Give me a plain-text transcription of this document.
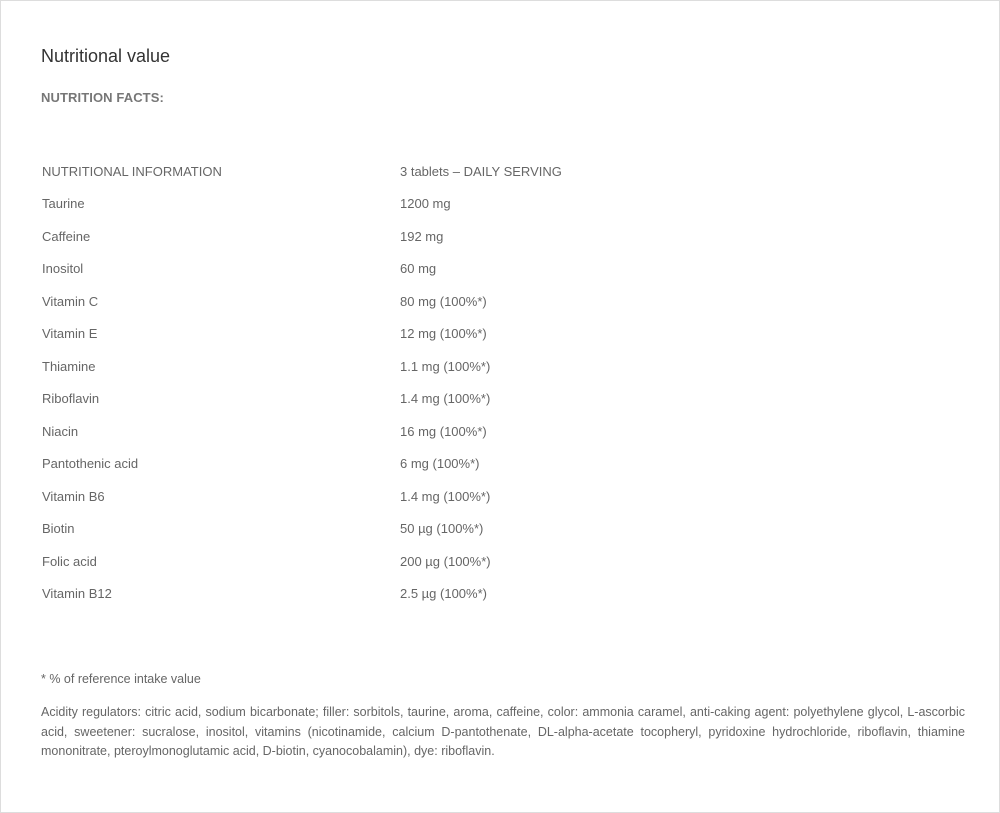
Nutritional value
NUTRITION FACTS:
NUTRITIONAL INFORMATION	3 tablets – DAILY SERVING
Taurine	1200 mg
Caffeine	192 mg
Inositol	60 mg
Vitamin C	80 mg (100%*)
Vitamin E	12 mg (100%*)
Thiamine	1.1 mg (100%*)
Riboflavin	1.4 mg (100%*)
Niacin	16 mg (100%*)
Pantothenic acid	6 mg (100%*)
Vitamin B6	1.4 mg (100%*)
Biotin	50 µg (100%*)
Folic acid	200 µg (100%*)
Vitamin B12	2.5 µg (100%*)
* % of reference intake value

Acidity regulators: citric acid, sodium bicarbonate; filler: sorbitols, taurine, aroma, caffeine, color: ammonia caramel, anti-caking agent: polyethylene glycol, L-ascorbic acid, sweetener: sucralose, inositol, vitamins (nicotinamide, calcium D-pantothenate, DL-alpha-acetate tocopheryl, pyridoxine hydrochloride, riboflavin, thiamine mononitrate, pteroylmonoglutamic acid, D-biotin, cyanocobalamin), dye: riboflavin.
